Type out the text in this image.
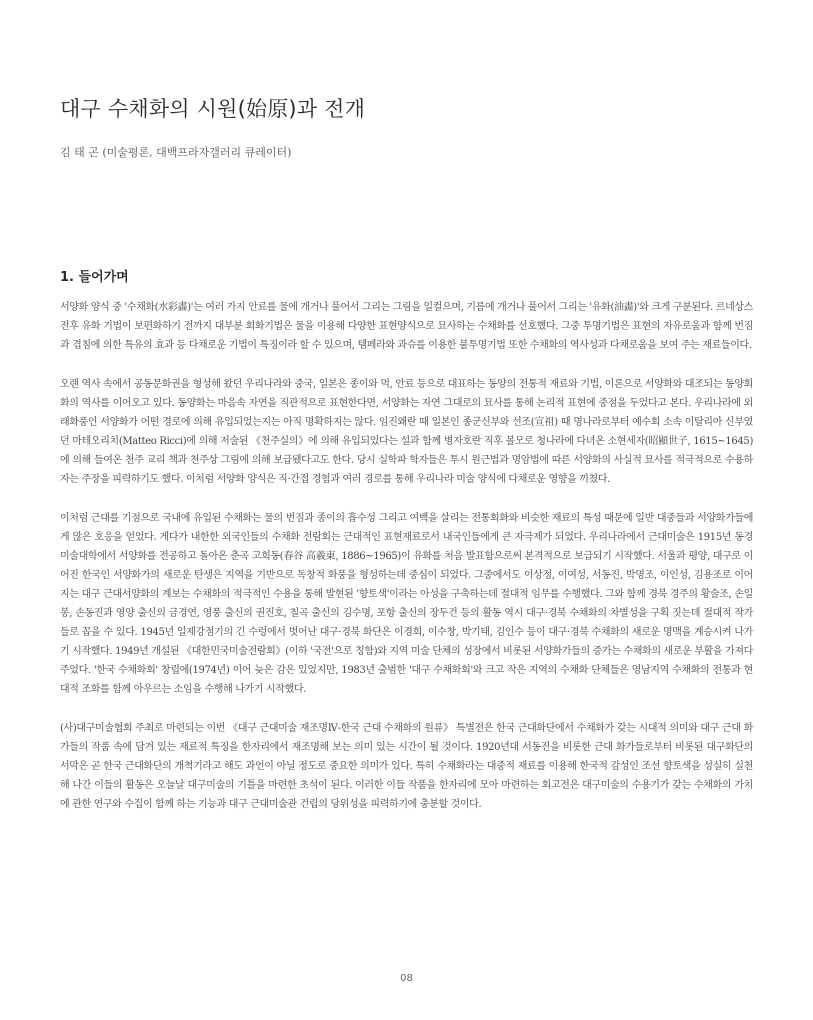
대구 수채화의 시원(始原)과 전개

김 태 곤 (미술평론, 대백프라자갤러리 큐레이터)

1. 들어가며

서양화 양식 중 '수채화(水彩畵)'는 여러 가지 안료를 물에 개거나 풀어서 그리는 그림을 일컬으며, 기름에 개거나 풀어서 그리는 '유화(油畵)'와 크게 구분된다. 르네상스 전후 유화 기법이 보편화하기 전까지 대부분 회화기법은 물을 이용해 다양한 표현양식으로 묘사하는 수채화를 선호했다. 그중 투명기법은 표현의 자유로움과 함께 번짐과 겹침에 의한 특유의 효과 등 다채로운 기법이 특징이라 할 수 있으며, 템페라와 과슈를 이용한 불투명기법 또한 수채화의 역사성과 다채로움을 보여 주는 재료들이다.

오랜 역사 속에서 공동문화권을 형성해 왔던 우리나라와 중국, 일본은 종이와 먹, 안료 등으로 대표하는 동양의 전통적 재료와 기법, 이론으로 서양화와 대조되는 동양회화의 역사를 이어오고 있다. 동양화는 마음속 자연을 직관적으로 표현한다면, 서양화는 자연 그대로의 묘사를 통해 논리적 표현에 중점을 두었다고 본다. 우리나라에 외래화풍인 서양화가 어떤 경로에 의해 유입되었는지는 아직 명확하지는 않다. 임진왜란 때 일본인 종군신부와 선조(宣祖) 때 명나라로부터 예수회 소속 이탈리아 신부였던 마테오리치(Matteo Ricci)에 의해 저술된 《천주실의》에 의해 유입되었다는 설과 함께 병자호란 직후 볼모로 청나라에 다녀온 소현세자(昭顯世子, 1615~1645)에 의해 들여온 천주 교리 책과 천주상 그림에 의해 보급됐다고도 한다. 당시 실학파 학자들은 투시 원근법과 명암법에 따른 서양화의 사실적 묘사를 적극적으로 수용하자는 주장을 피력하기도 했다. 이처럼 서양화 양식은 직·간접 경험과 여러 경로를 통해 우리나라 미술 양식에 다채로운 영향을 끼쳤다.

이처럼 근대를 기점으로 국내에 유입된 수채화는 물의 번짐과 종이의 흡수성 그리고 여백을 살리는 전통회화와 비슷한 재료의 특성 때문에 일반 대중들과 서양화가들에게 많은 호응을 얻었다. 게다가 내한한 외국인들의 수채화 전람회는 근대적인 표현재료로서 내국인들에게 큰 자극제가 되었다. 우리나라에서 근대미술은 1915년 동경미술대학에서 서양화를 전공하고 돌아온 춘곡 고희동(春谷 高羲東, 1886~1965)이 유화를 처음 발표함으로써 본격적으로 보급되기 시작했다. 서울과 평양, 대구로 이어진 한국인 서양화가의 새로운 탄생은 지역을 기반으로 독창적 화풍을 형성하는데 중심이 되었다. 그중에서도 이상정, 이여성, 서동진, 박명조, 이인성, 김용조로 이어지는 대구 근대서양화의 계보는 수채화의 적극적인 수용을 통해 발현된 '향토색'이라는 아성을 구축하는데 절대적 임무를 수행했다. 그와 함께 경북 경주의 황술조, 손일봉, 손동진과 영양 출신의 금경연, 영풍 출신의 권진호, 칠곡 출신의 김수명, 포항 출신의 장두건 등의 활동 역시 대구·경북 수채화의 차별성을 구획 짓는데 절대적 작가들로 꼽을 수 있다. 1945년 일제강점기의 긴 수렁에서 벗어난 대구·경북 화단은 이경희, 이수창, 박기태, 김인수 등이 대구·경북 수채화의 새로운 명맥을 계승시켜 나가기 시작했다. 1949년 개설된 《대한민국미술전람회》(이하 '국전'으로 칭함)와 지역 미술 단체의 성장에서 비롯된 서양화가들의 증가는 수채화의 새로운 부활을 가져다주었다. '한국 수채화회' 창립에(1974년) 이어 늦은 감은 있었지만, 1983년 출범한 '대구 수채화회'와 크고 작은 지역의 수채화 단체들은 영남지역 수채화의 전통과 현대적 조화를 함께 아우르는 소임을 수행해 나가기 시작했다.

(사)대구미술협회 주최로 마련되는 이번 《대구 근대미술 재조명Ⅳ-한국 근대 수채화의 원류》 특별전은 한국 근대화단에서 수채화가 갖는 시대적 의미와 대구 근대 화가들의 작품 속에 담겨 있는 재료적 특징을 한자리에서 재조명해 보는 의미 있는 시간이 될 것이다. 1920년대 서동진을 비롯한 근대 화가들로부터 비롯된 대구화단의 서막은 곧 한국 근대화단의 개척기라고 해도 과언이 아닐 정도로 중요한 의미가 있다. 특히 수채화라는 대중적 재료를 이용해 한국적 감성인 조선 향토색을 성실히 실천해 나간 이들의 활동은 오늘날 대구미술의 기틀을 마련한 초석이 된다. 이러한 이들 작품을 한자리에 모아 마련하는 회고전은 대구미술의 수용기가 갖는 수채화의 가치에 관한 연구와 수집이 함께 하는 기능과 대구 근대미술관 건립의 당위성을 피력하기에 충분할 것이다.

08
